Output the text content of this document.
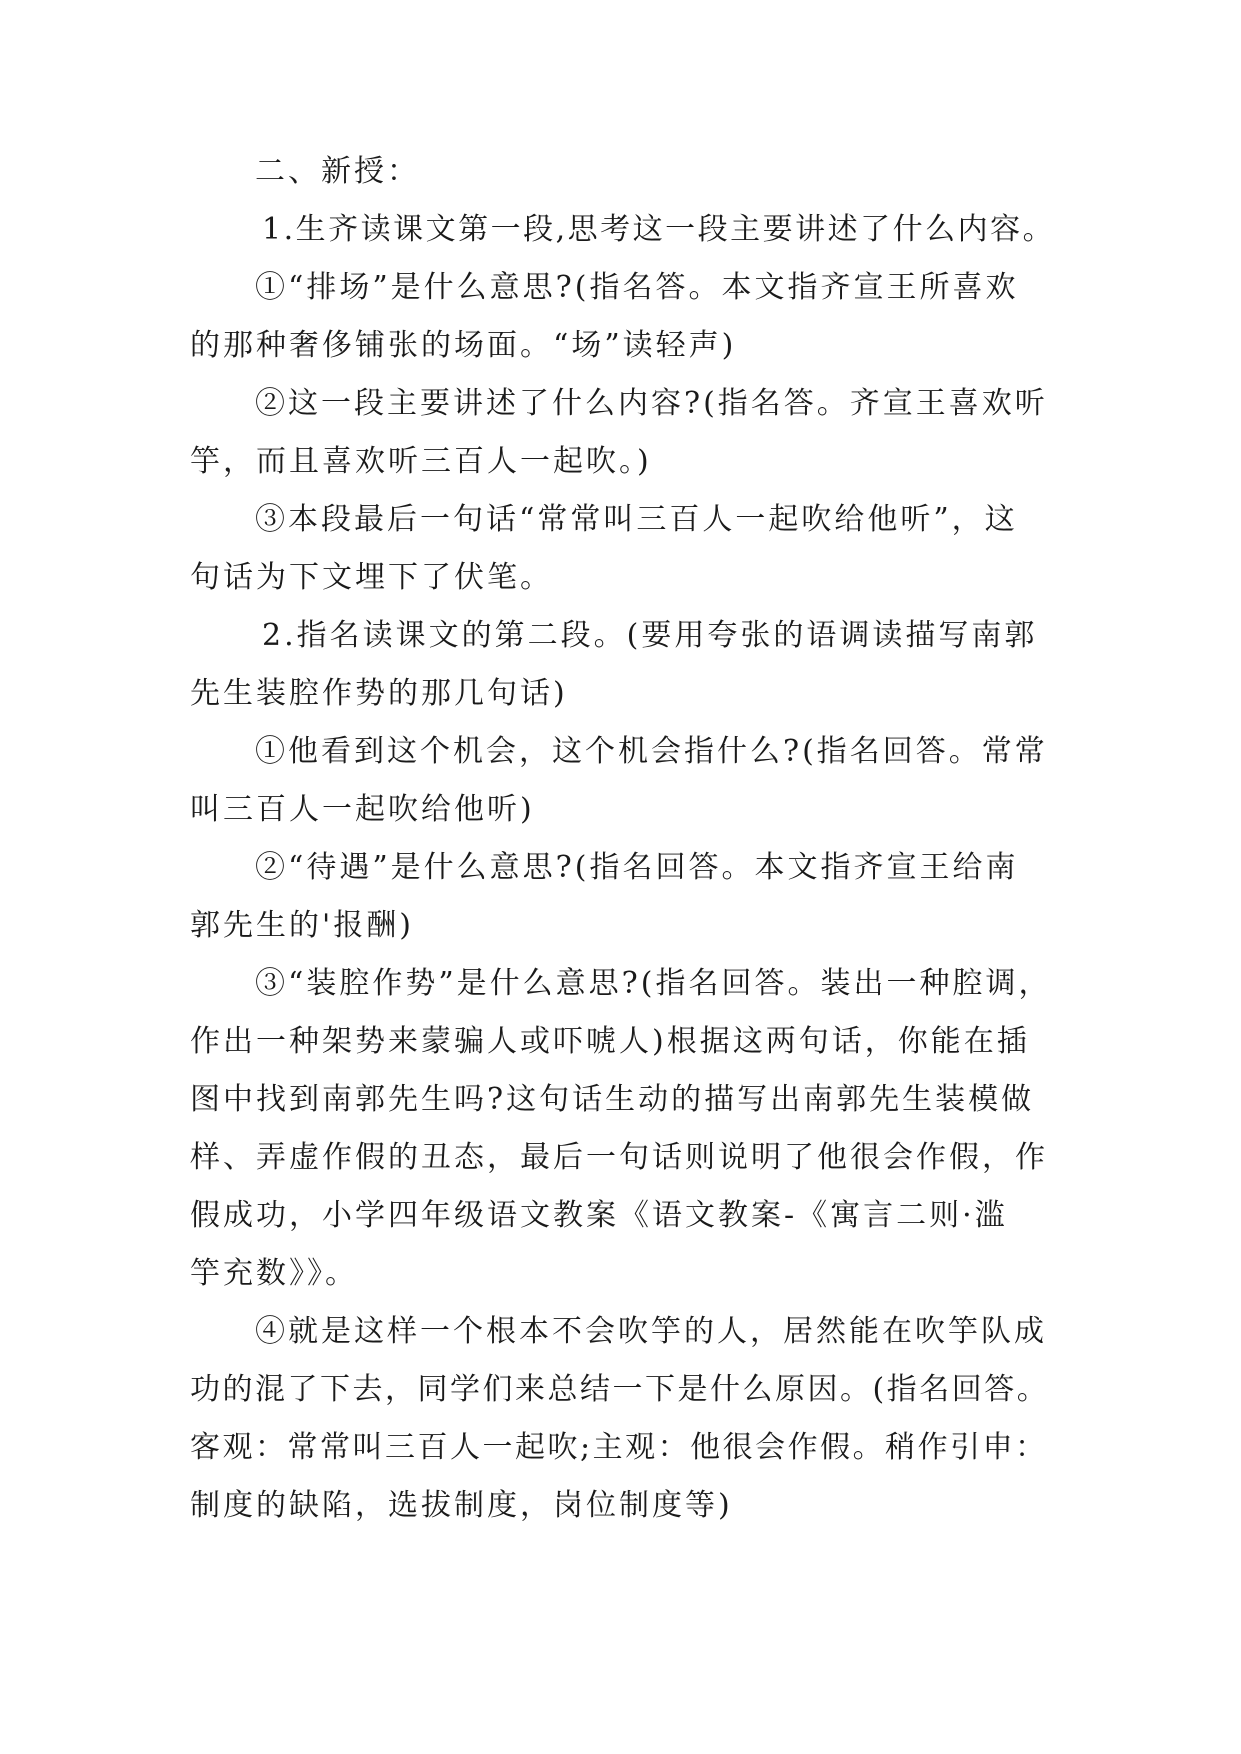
二、新授：
1.生齐读课文第一段,思考这一段主要讲述了什么内容。
①“排场”是什么意思?(指名答。本文指齐宣王所喜欢
的那种奢侈铺张的场面。“场”读轻声)
②这一段主要讲述了什么内容?(指名答。齐宣王喜欢听
竽，而且喜欢听三百人一起吹。)
③本段最后一句话“常常叫三百人一起吹给他听”，这
句话为下文埋下了伏笔。
2.指名读课文的第二段。(要用夸张的语调读描写南郭
先生装腔作势的那几句话)
①他看到这个机会，这个机会指什么?(指名回答。常常
叫三百人一起吹给他听)
②“待遇”是什么意思?(指名回答。本文指齐宣王给南
郭先生的'报酬)
③“装腔作势”是什么意思?(指名回答。装出一种腔调，
作出一种架势来蒙骗人或吓唬人)根据这两句话，你能在插
图中找到南郭先生吗?这句话生动的描写出南郭先生装模做
样、弄虚作假的丑态，最后一句话则说明了他很会作假，作
假成功，小学四年级语文教案《语文教案-《寓言二则·滥
竽充数》》。
④就是这样一个根本不会吹竽的人，居然能在吹竽队成
功的混了下去，同学们来总结一下是什么原因。(指名回答。
客观：常常叫三百人一起吹;主观：他很会作假。稍作引申：
制度的缺陷，选拔制度，岗位制度等)
